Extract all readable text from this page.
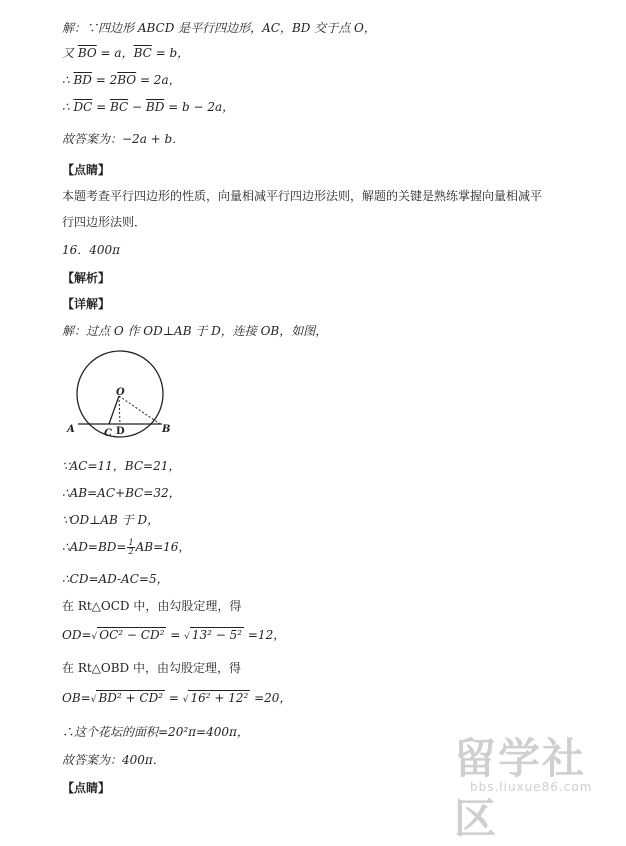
解：∵四边形 ABCD 是平行四边形，AC，BD 交于点 O，
又 $\overline{BO} = a$，$\overline{BC} = b$，
∴ $\overline{BD} = 2\overline{BO} = 2a$，
∴ $\overline{DC} = \overline{BC} - \overline{BD} = b - 2a$，
故答案为：−2a + b．
【点睛】
本题考查平行四边形的性质，向量相减平行四边形法则，解题的关键是熟练掌握向量相减平
行四边形法则．
16．400π
【解析】
【详解】
解：过点 O 作 OD⊥AB 于 D，连接 OB，如图，
O
A	B
C D
∵AC=11，BC=21，
∴AB=AC+BC=32，
∵OD⊥AB 于 D，
∴AD=BD= $\frac{1}{2} AB=16$，
∴CD=AD-AC=5，
在 Rt△OCD 中，由勾股定理，得
OD=√ OC² − CD² = √ 13² − 5² =12，
在 Rt△OBD 中，由勾股定理，得
OB=√ BD² + CD² = √ 16² + 12² =20，
∴这个花坛的面积=20²π=400π，
故答案为：400π．
【点睛】
留学社区
bbs.liuxue86.com
